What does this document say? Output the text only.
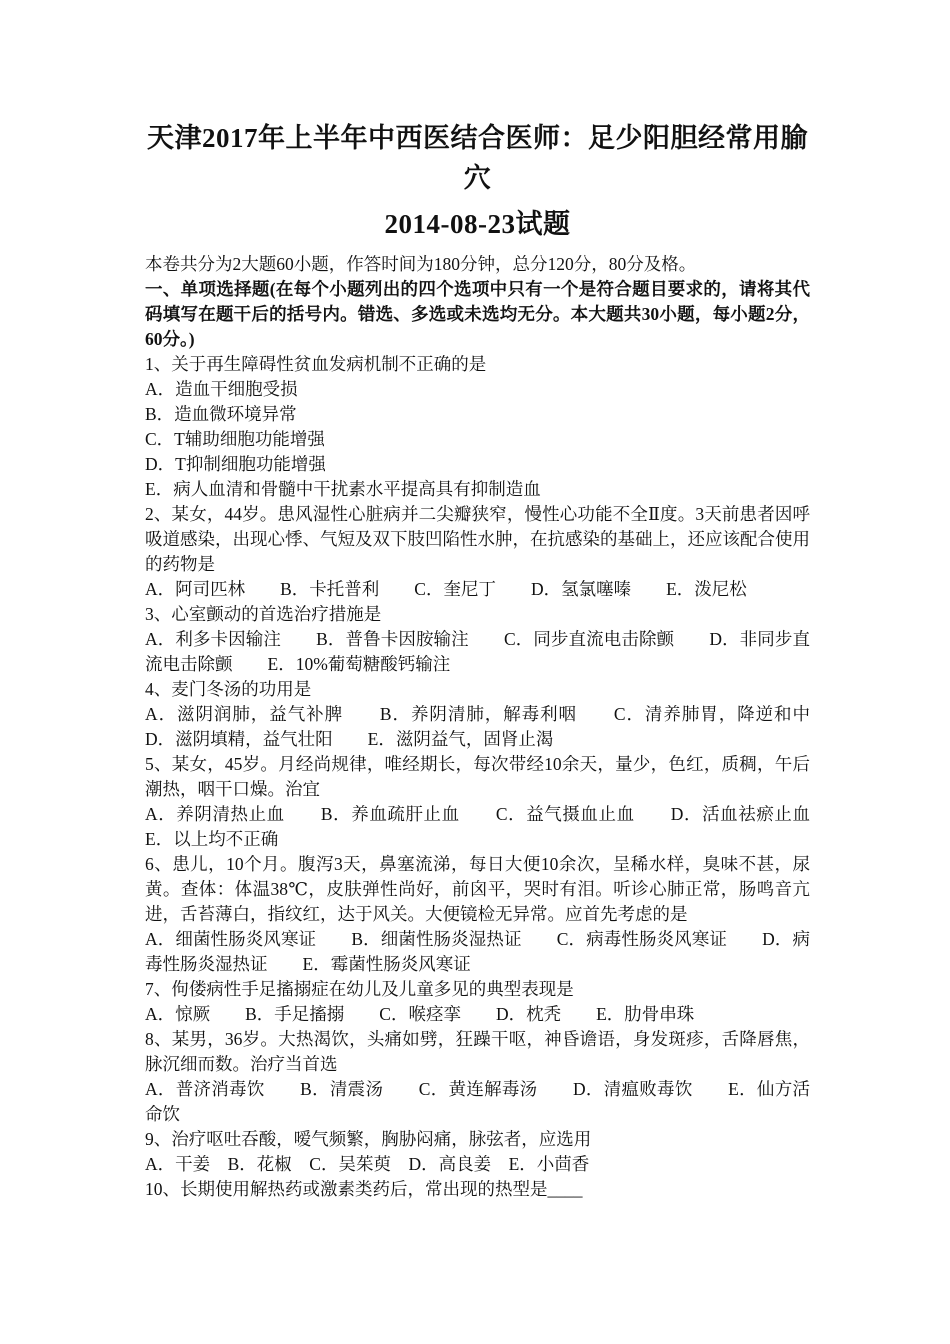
天津2017年上半年中西医结合医师：足少阳胆经常用腧穴
2014-08-23试题

本卷共分为2大题60小题，作答时间为180分钟，总分120分，80分及格。

一、单项选择题(在每个小题列出的四个选项中只有一个是符合题目要求的，请将其代码填写在题干后的括号内。错选、多选或未选均无分。本大题共30小题，每小题2分，60分。)

1、关于再生障碍性贫血发病机制不正确的是

A．造血干细胞受损

B．造血微环境异常

C．T辅助细胞功能增强

D．T抑制细胞功能增强

E．病人血清和骨髓中干扰素水平提高具有抑制造血

2、某女，44岁。患风湿性心脏病并二尖瓣狭窄，慢性心功能不全Ⅱ度。3天前患者因呼吸道感染，出现心悸、气短及双下肢凹陷性水肿，在抗感染的基础上，还应该配合使用的药物是

A．阿司匹林　　B．卡托普利　　C．奎尼丁　　D．氢氯噻嗪　　E．泼尼松

3、心室颤动的首选治疗措施是

A．利多卡因输注　　B．普鲁卡因胺输注　　C．同步直流电击除颤　　D．非同步直流电击除颤　　E．10%葡萄糖酸钙输注

4、麦门冬汤的功用是

A．滋阴润肺，益气补脾　　B．养阴清肺，解毒利咽　　C．清养肺胃，降逆和中　　D．滋阴填精，益气壮阳　　E．滋阴益气，固肾止渴

5、某女，45岁。月经尚规律，唯经期长，每次带经10余天，量少，色红，质稠，午后潮热，咽干口燥。治宜

A．养阴清热止血　　B．养血疏肝止血　　C．益气摄血止血　　D．活血祛瘀止血　　E．以上均不正确

6、患儿，10个月。腹泻3天，鼻塞流涕，每日大便10余次，呈稀水样，臭味不甚，尿黄。查体：体温38℃，皮肤弹性尚好，前囟平，哭时有泪。听诊心肺正常，肠鸣音亢进，舌苔薄白，指纹红，达于风关。大便镜检无异常。应首先考虑的是

A．细菌性肠炎风寒证　　B．细菌性肠炎湿热证　　C．病毒性肠炎风寒证　　D．病毒性肠炎湿热证　　E．霉菌性肠炎风寒证

7、佝偻病性手足搐搦症在幼儿及儿童多见的典型表现是

A．惊厥　　B．手足搐搦　　C．喉痉挛　　D．枕秃　　E．肋骨串珠

8、某男，36岁。大热渴饮，头痛如劈，狂躁干呕，神昏谵语，身发斑疹，舌降唇焦，脉沉细而数。治疗当首选

A．普济消毒饮　　B．清震汤　　C．黄连解毒汤　　D．清瘟败毒饮　　E．仙方活命饮

9、治疗呕吐吞酸，嗳气频繁，胸胁闷痛，脉弦者，应选用

A．干姜　B．花椒　C．吴茱萸　D．高良姜　E．小茴香

10、长期使用解热药或激素类药后，常出现的热型是____
